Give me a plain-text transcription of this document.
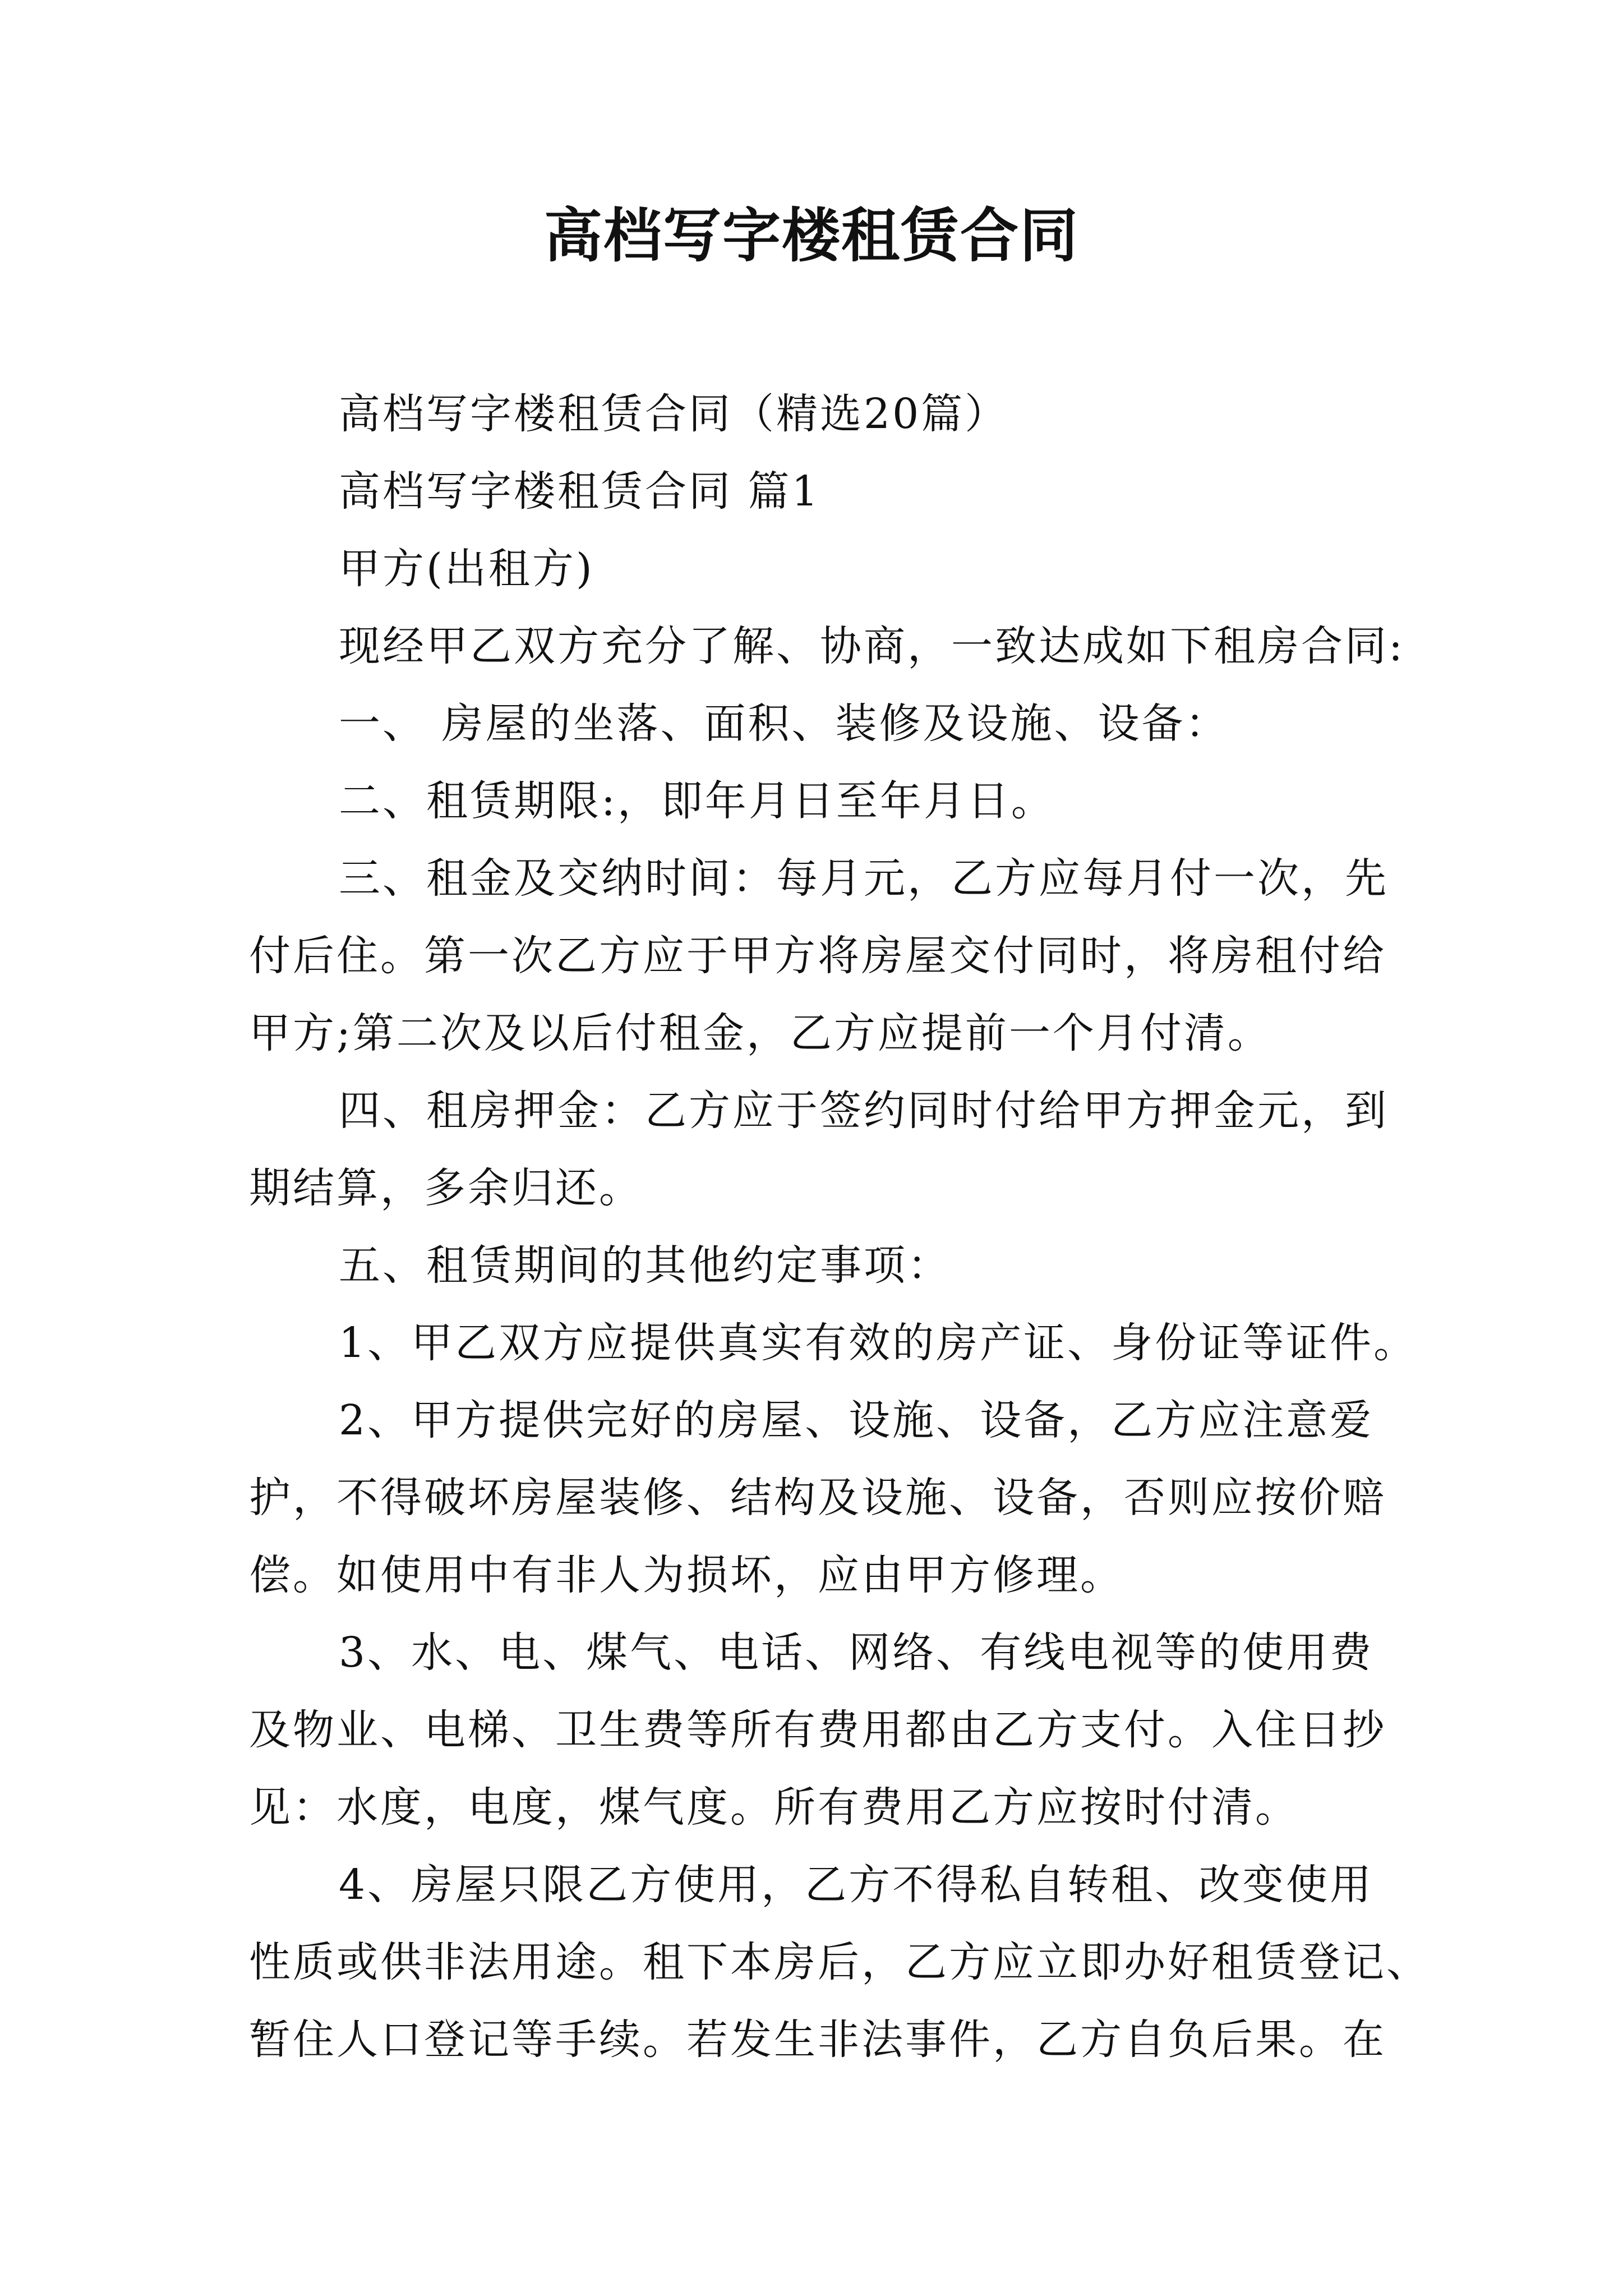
高档写字楼租赁合同
高档写字楼租赁合同（精选20篇）
高档写字楼租赁合同 篇1
甲方(出租方)
现经甲乙双方充分了解、协商，一致达成如下租房合同:
一、 房屋的坐落、面积、装修及设施、设备：
二、租赁期限:，即年月日至年月日。
三、租金及交纳时间：每月元，乙方应每月付一次，先
付后住。第一次乙方应于甲方将房屋交付同时，将房租付给
甲方;第二次及以后付租金，乙方应提前一个月付清。
四、租房押金：乙方应于签约同时付给甲方押金元，到
期结算，多余归还。
五、租赁期间的其他约定事项：
1、甲乙双方应提供真实有效的房产证、身份证等证件。
2、甲方提供完好的房屋、设施、设备，乙方应注意爱
护，不得破坏房屋装修、结构及设施、设备，否则应按价赔
偿。如使用中有非人为损坏，应由甲方修理。
3、水、电、煤气、电话、网络、有线电视等的使用费
及物业、电梯、卫生费等所有费用都由乙方支付。入住日抄
见：水度，电度，煤气度。所有费用乙方应按时付清。
4、房屋只限乙方使用，乙方不得私自转租、改变使用
性质或供非法用途。租下本房后，乙方应立即办好租赁登记、
暂住人口登记等手续。若发生非法事件，乙方自负后果。在
